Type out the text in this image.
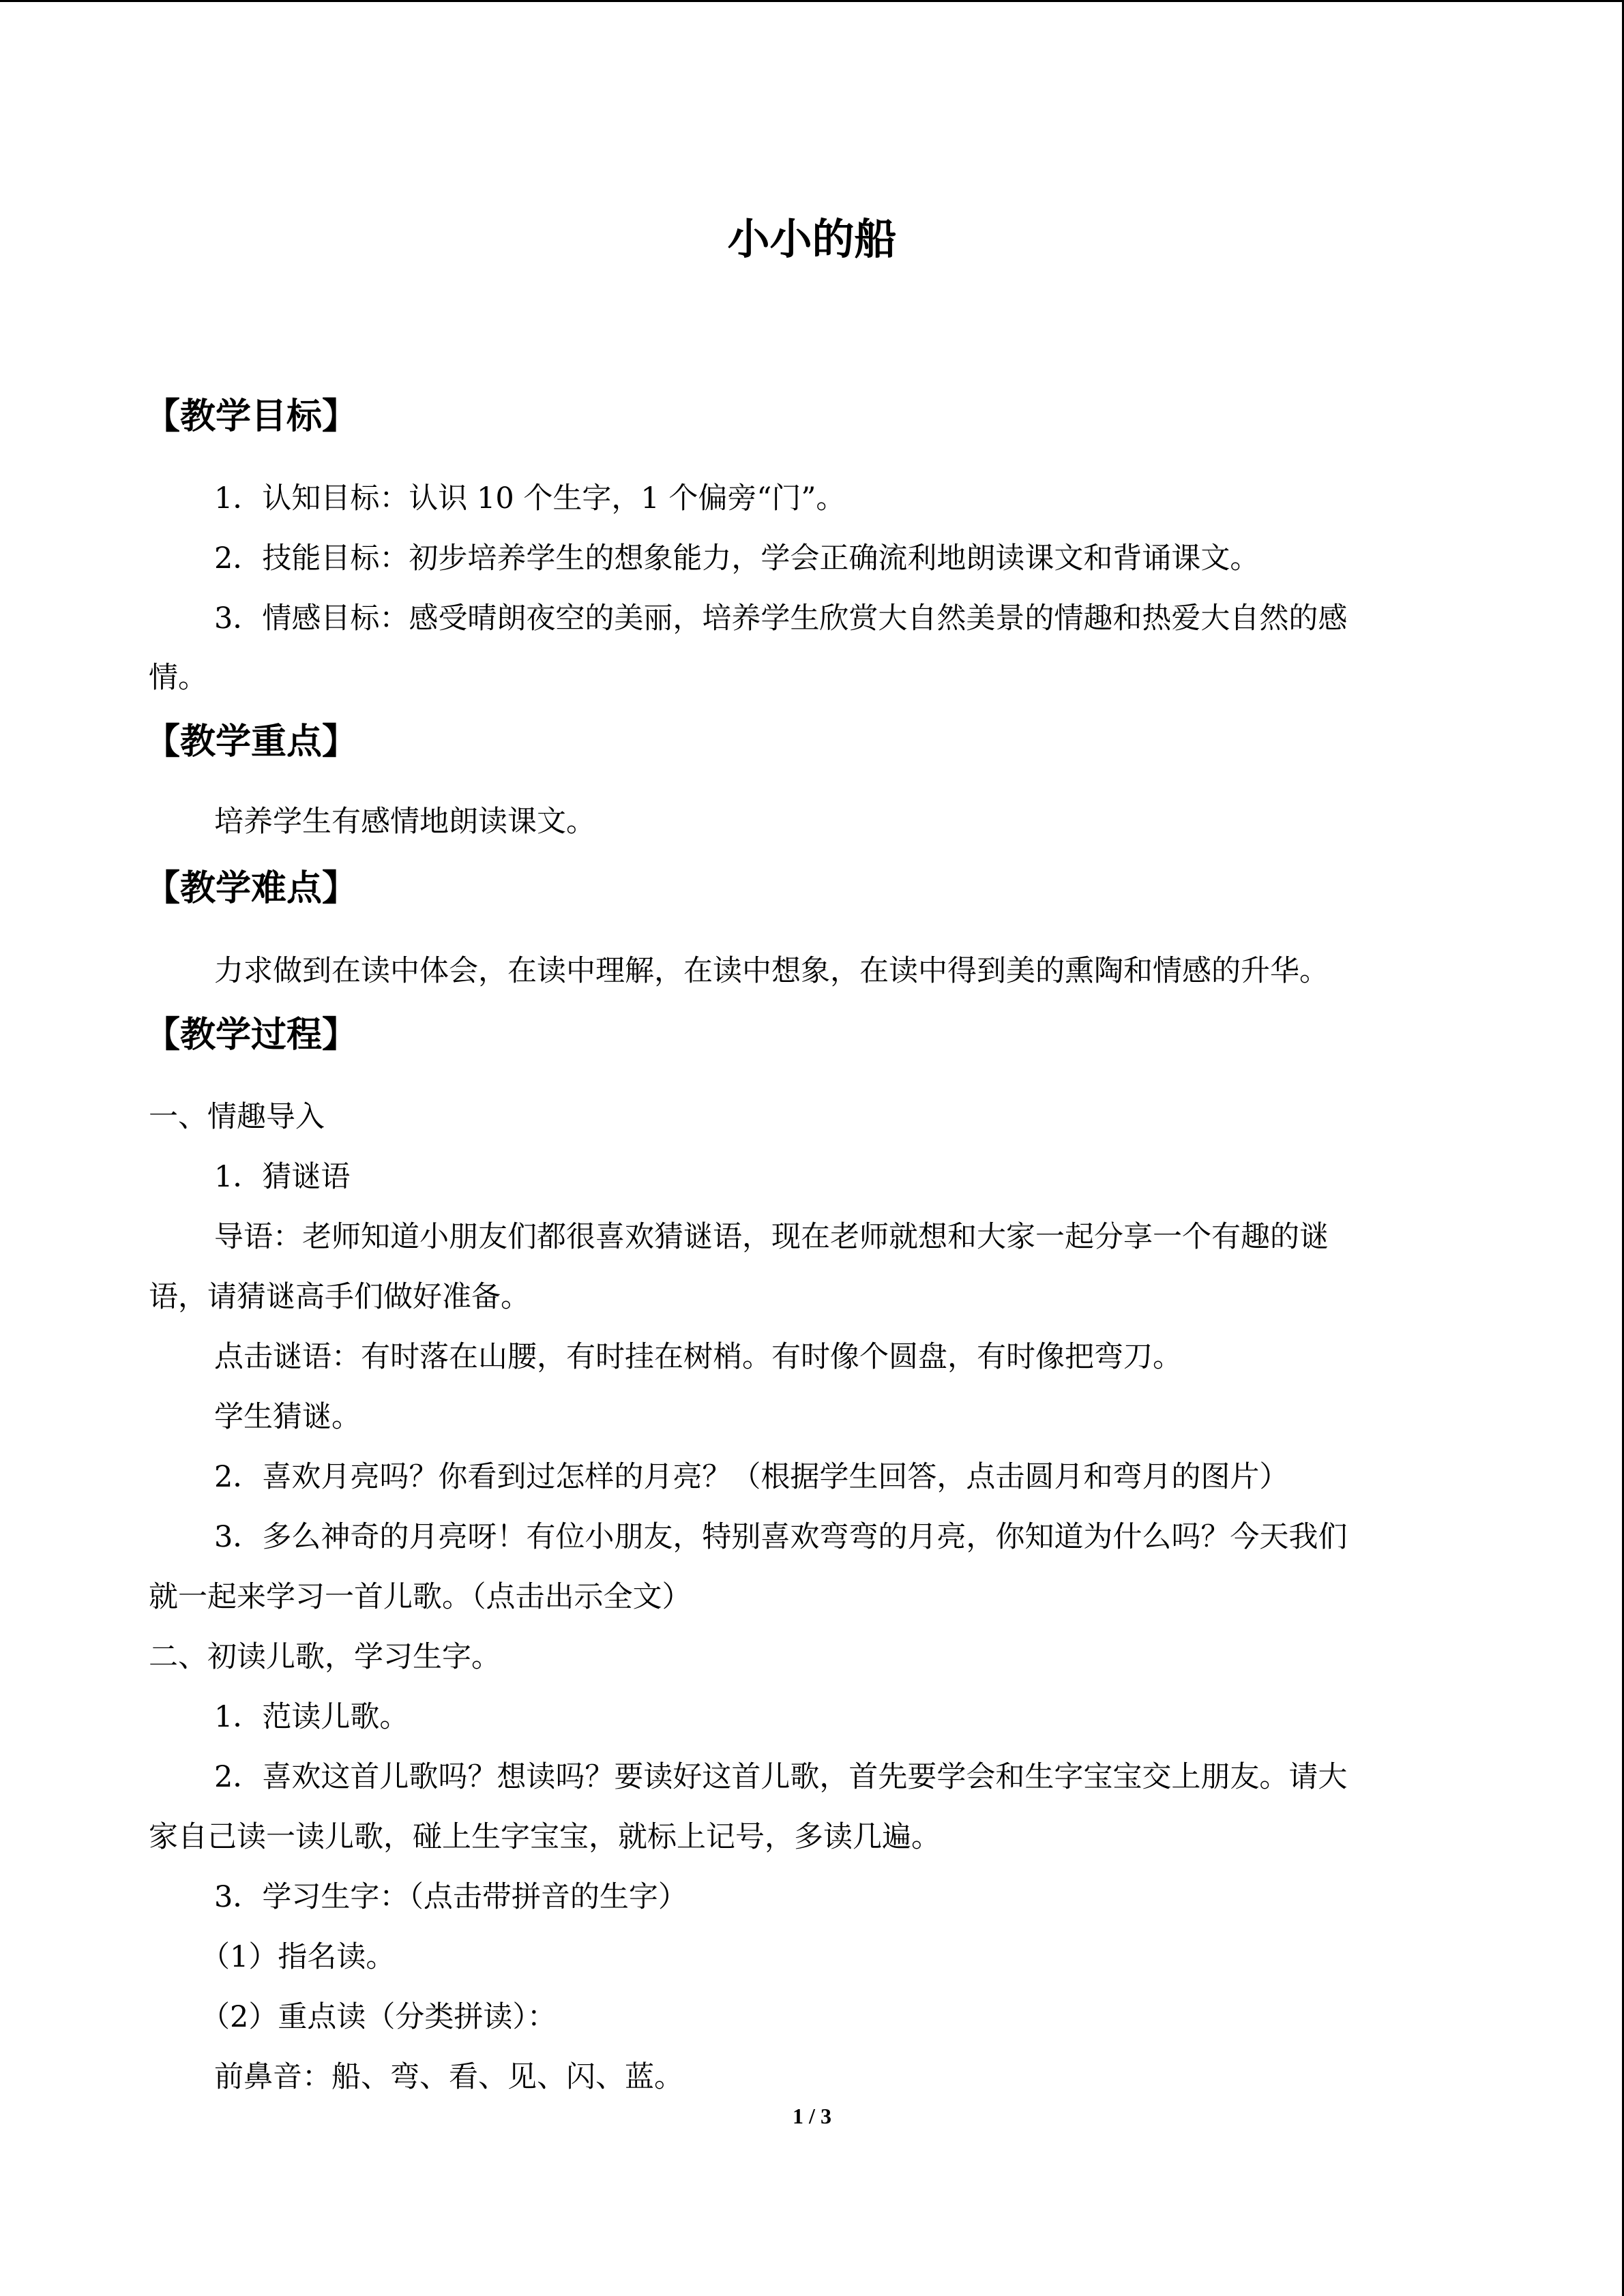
小小的船
【教学目标】
1．认知目标：认识 10 个生字，1 个偏旁“门”。
2．技能目标：初步培养学生的想象能力，学会正确流利地朗读课文和背诵课文。
3．情感目标：感受晴朗夜空的美丽，培养学生欣赏大自然美景的情趣和热爱大自然的感
情。
【教学重点】
培养学生有感情地朗读课文。
【教学难点】
力求做到在读中体会，在读中理解，在读中想象，在读中得到美的熏陶和情感的升华。
【教学过程】
一、情趣导入
1．猜谜语
导语：老师知道小朋友们都很喜欢猜谜语，现在老师就想和大家一起分享一个有趣的谜
语，请猜谜高手们做好准备。
点击谜语：有时落在山腰，有时挂在树梢。有时像个圆盘，有时像把弯刀。
学生猜谜。
2．喜欢月亮吗？你看到过怎样的月亮？（根据学生回答，点击圆月和弯月的图片）
3．多么神奇的月亮呀！有位小朋友，特别喜欢弯弯的月亮，你知道为什么吗？今天我们
就一起来学习一首儿歌。（点击出示全文）
二、初读儿歌，学习生字。
1．范读儿歌。
2．喜欢这首儿歌吗？想读吗？要读好这首儿歌，首先要学会和生字宝宝交上朋友。请大
家自己读一读儿歌，碰上生字宝宝，就标上记号，多读几遍。
3．学习生字：（点击带拼音的生字）
（1）指名读。
（2）重点读（分类拼读）：
前鼻音：船、弯、看、见、闪、蓝。
1 / 3
